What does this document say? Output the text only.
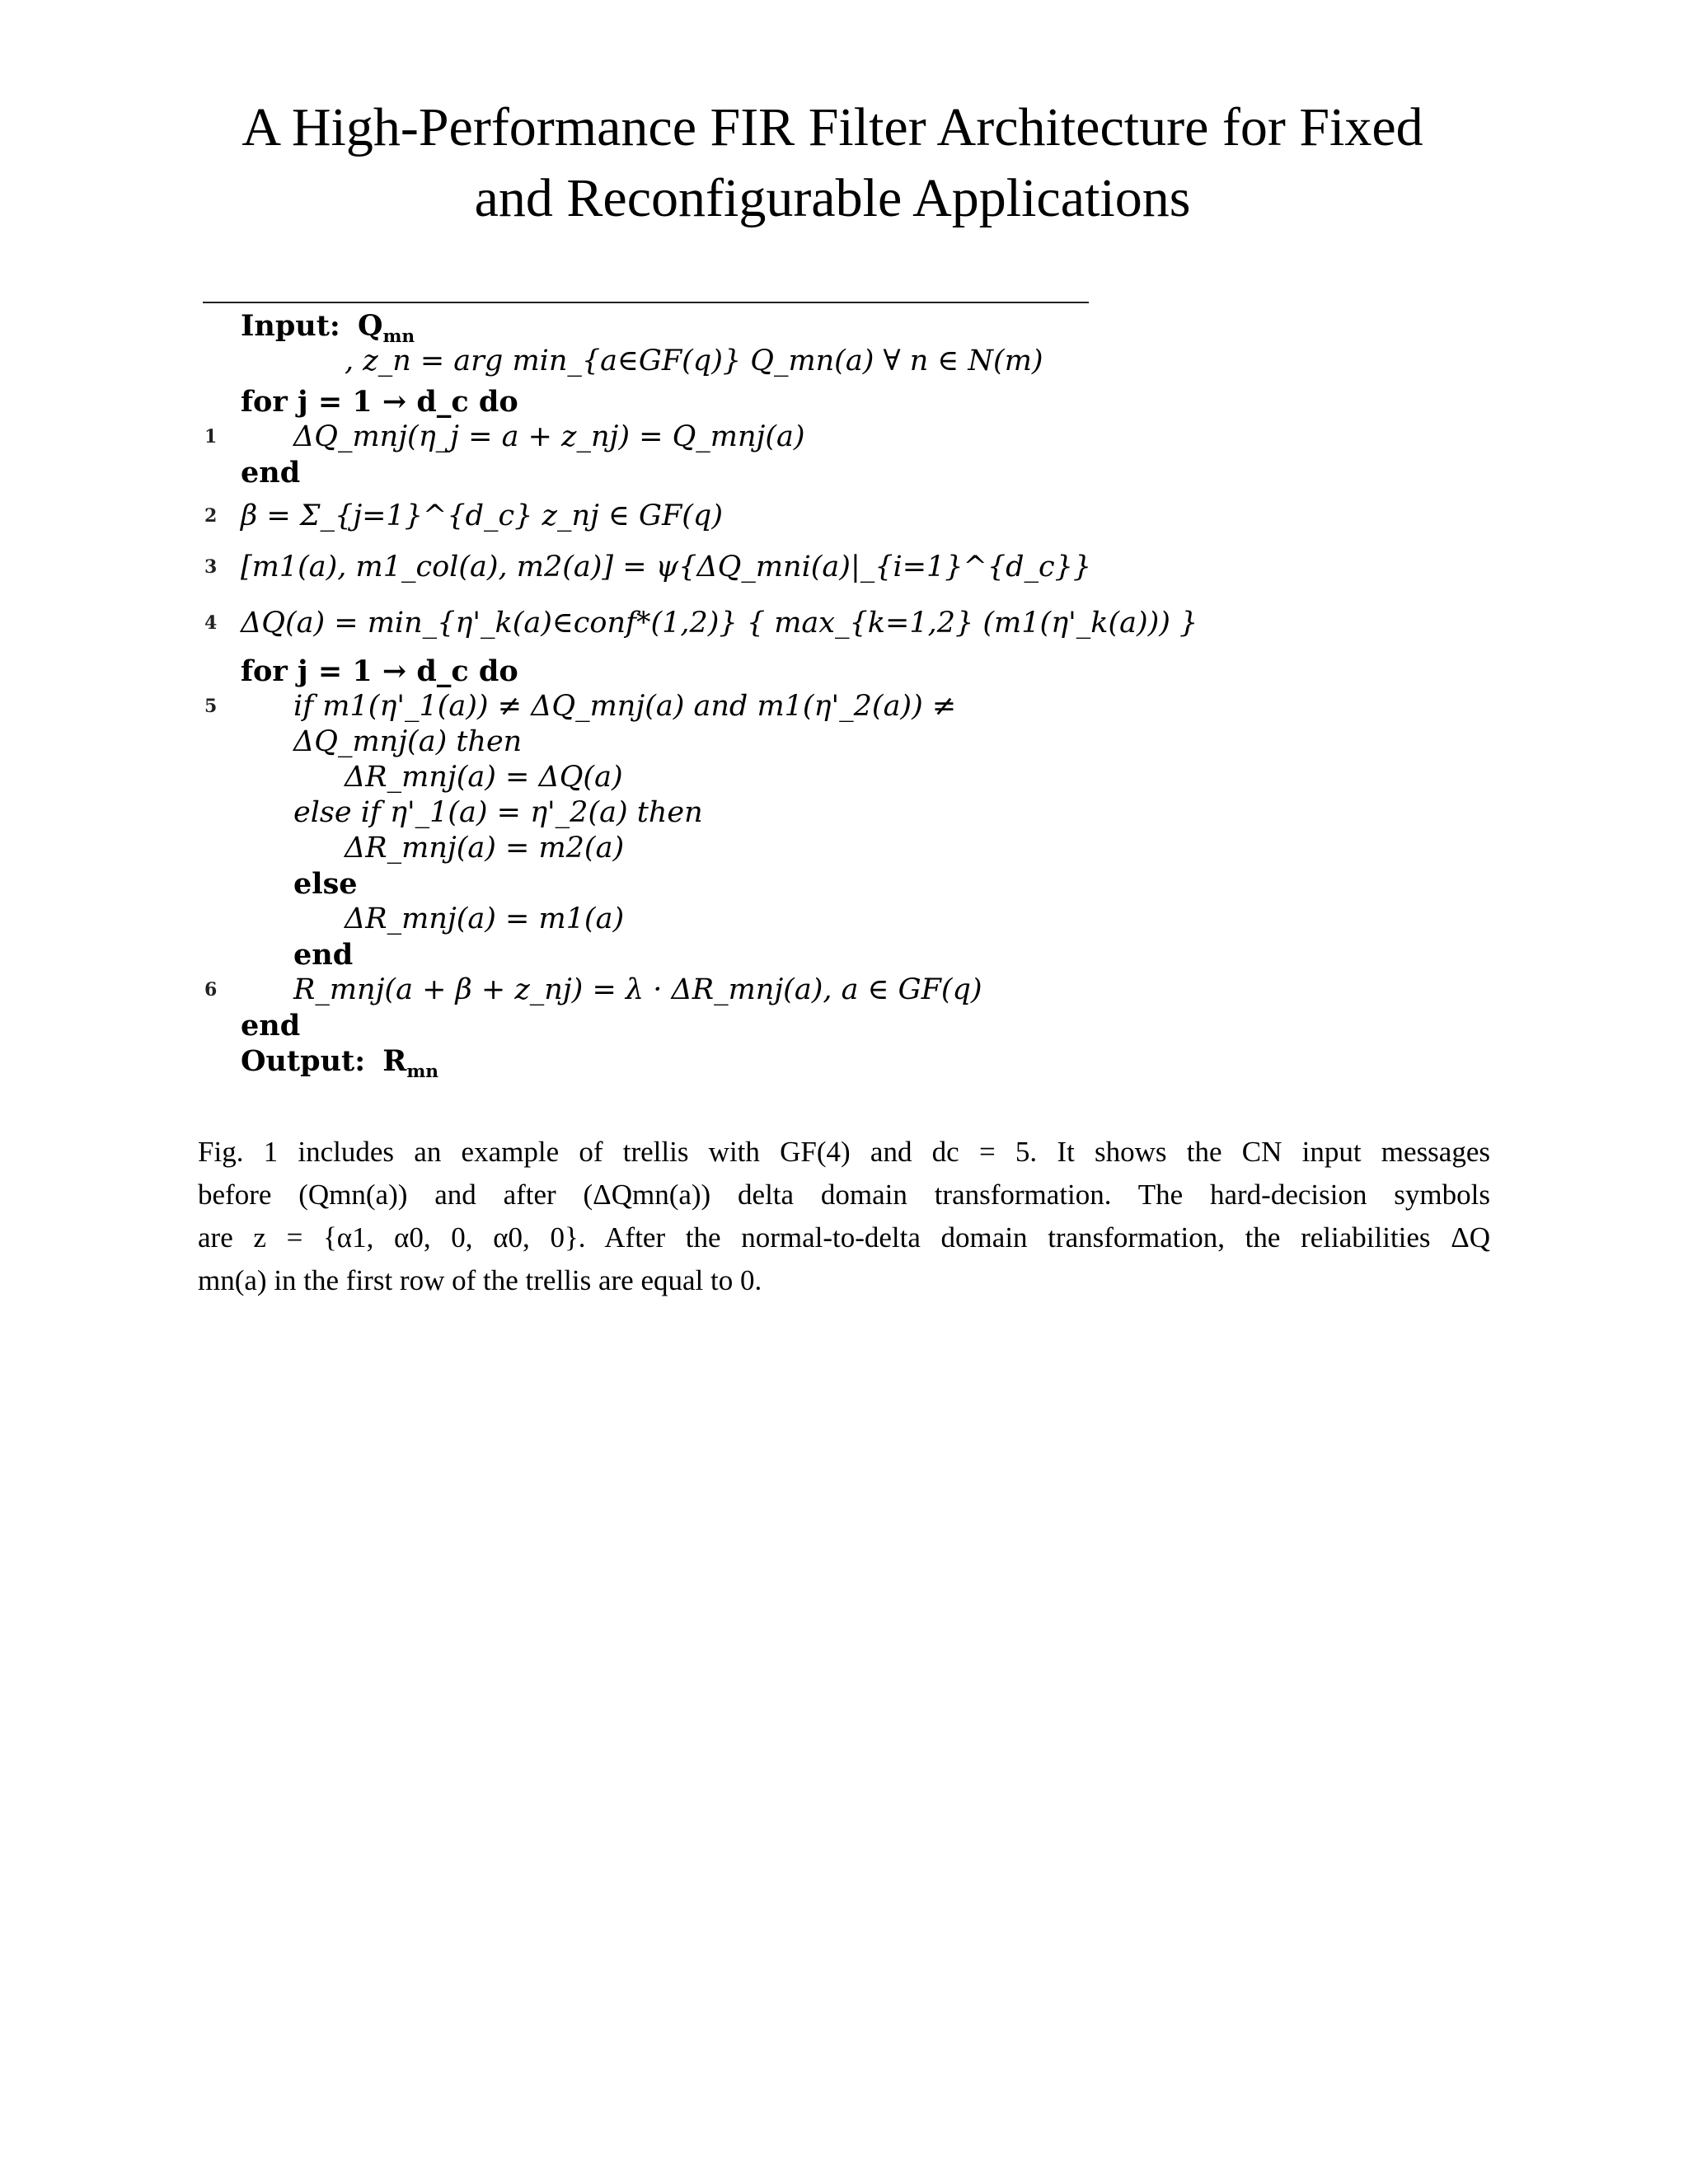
A High-Performance FIR Filter Architecture for Fixed
and Reconfigurable Applications
Input: $Q_{mn}$
, z_n = arg min_{a∈GF(q)} Q_mn(a) ∀ n ∈ N(m)
for j = 1 → d_c do
1	ΔQ_mnj(η_j = a + z_nj) = Q_mnj(a)
end
2 β = Σ_{j=1}^{d_c} z_nj ∈ GF(q)
3 [m1(a), m1_col(a), m2(a)] = ψ{ΔQ_mni(a)|_{i=1}^{d_c}}
4 ΔQ(a) = min_{η'_k(a)∈conf*(1,2)} { max_{k=1,2} (m1(η'_k(a))) }
for j = 1 → d_c do
5	if m1(η'_1(a)) ≠ ΔQ_mnj(a) and m1(η'_2(a)) ≠
ΔQ_mnj(a) then
ΔR_mnj(a) = ΔQ(a)
else if η'_1(a) = η'_2(a) then
ΔR_mnj(a) = m2(a)
else
ΔR_mnj(a) = m1(a)
end
6	R_mnj(a + β + z_nj) = λ · ΔR_mnj(a), a ∈ GF(q)
end
Output: $R_{mn}$

Fig. 1 includes an example of trellis with GF(4) and dc = 5. It shows the CN input messages
before (Qmn(a)) and after (ΔQmn(a)) delta domain transformation. The hard-decision symbols
are z = {α1, α0, 0, α0, 0}. After the normal-to-delta domain transformation, the reliabilities ΔQ
mn(a) in the first row of the trellis are equal to 0.
